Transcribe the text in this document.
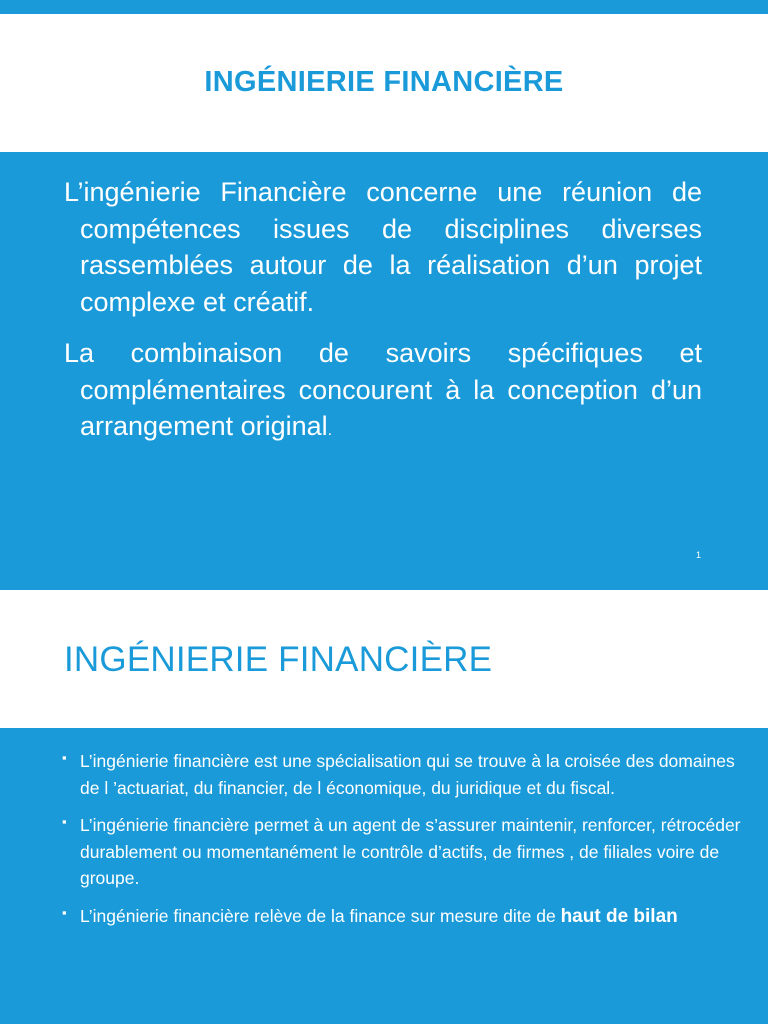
INGÉNIERIE FINANCIÈRE

L’ingénierie Financière concerne une réunion de compétences issues de disciplines diverses rassemblées autour de la réalisation d’un projet complexe et créatif.

La combinaison de savoirs spécifiques et complémentaires concourent à la conception d’un arrangement original.

1
INGÉNIERIE FINANCIÈRE
▪ L’ingénierie financière est une spécialisation qui se trouve à la croisée des domaines de l ’actuariat, du financier, de l économique, du juridique et du fiscal.
▪ L’ingénierie financière permet à un agent de s’assurer maintenir, renforcer, rétrocéder durablement ou momentanément le contrôle d’actifs, de firmes , de filiales voire de groupe.
▪ L’ingénierie financière relève de la finance sur mesure dite de haut de bilan
